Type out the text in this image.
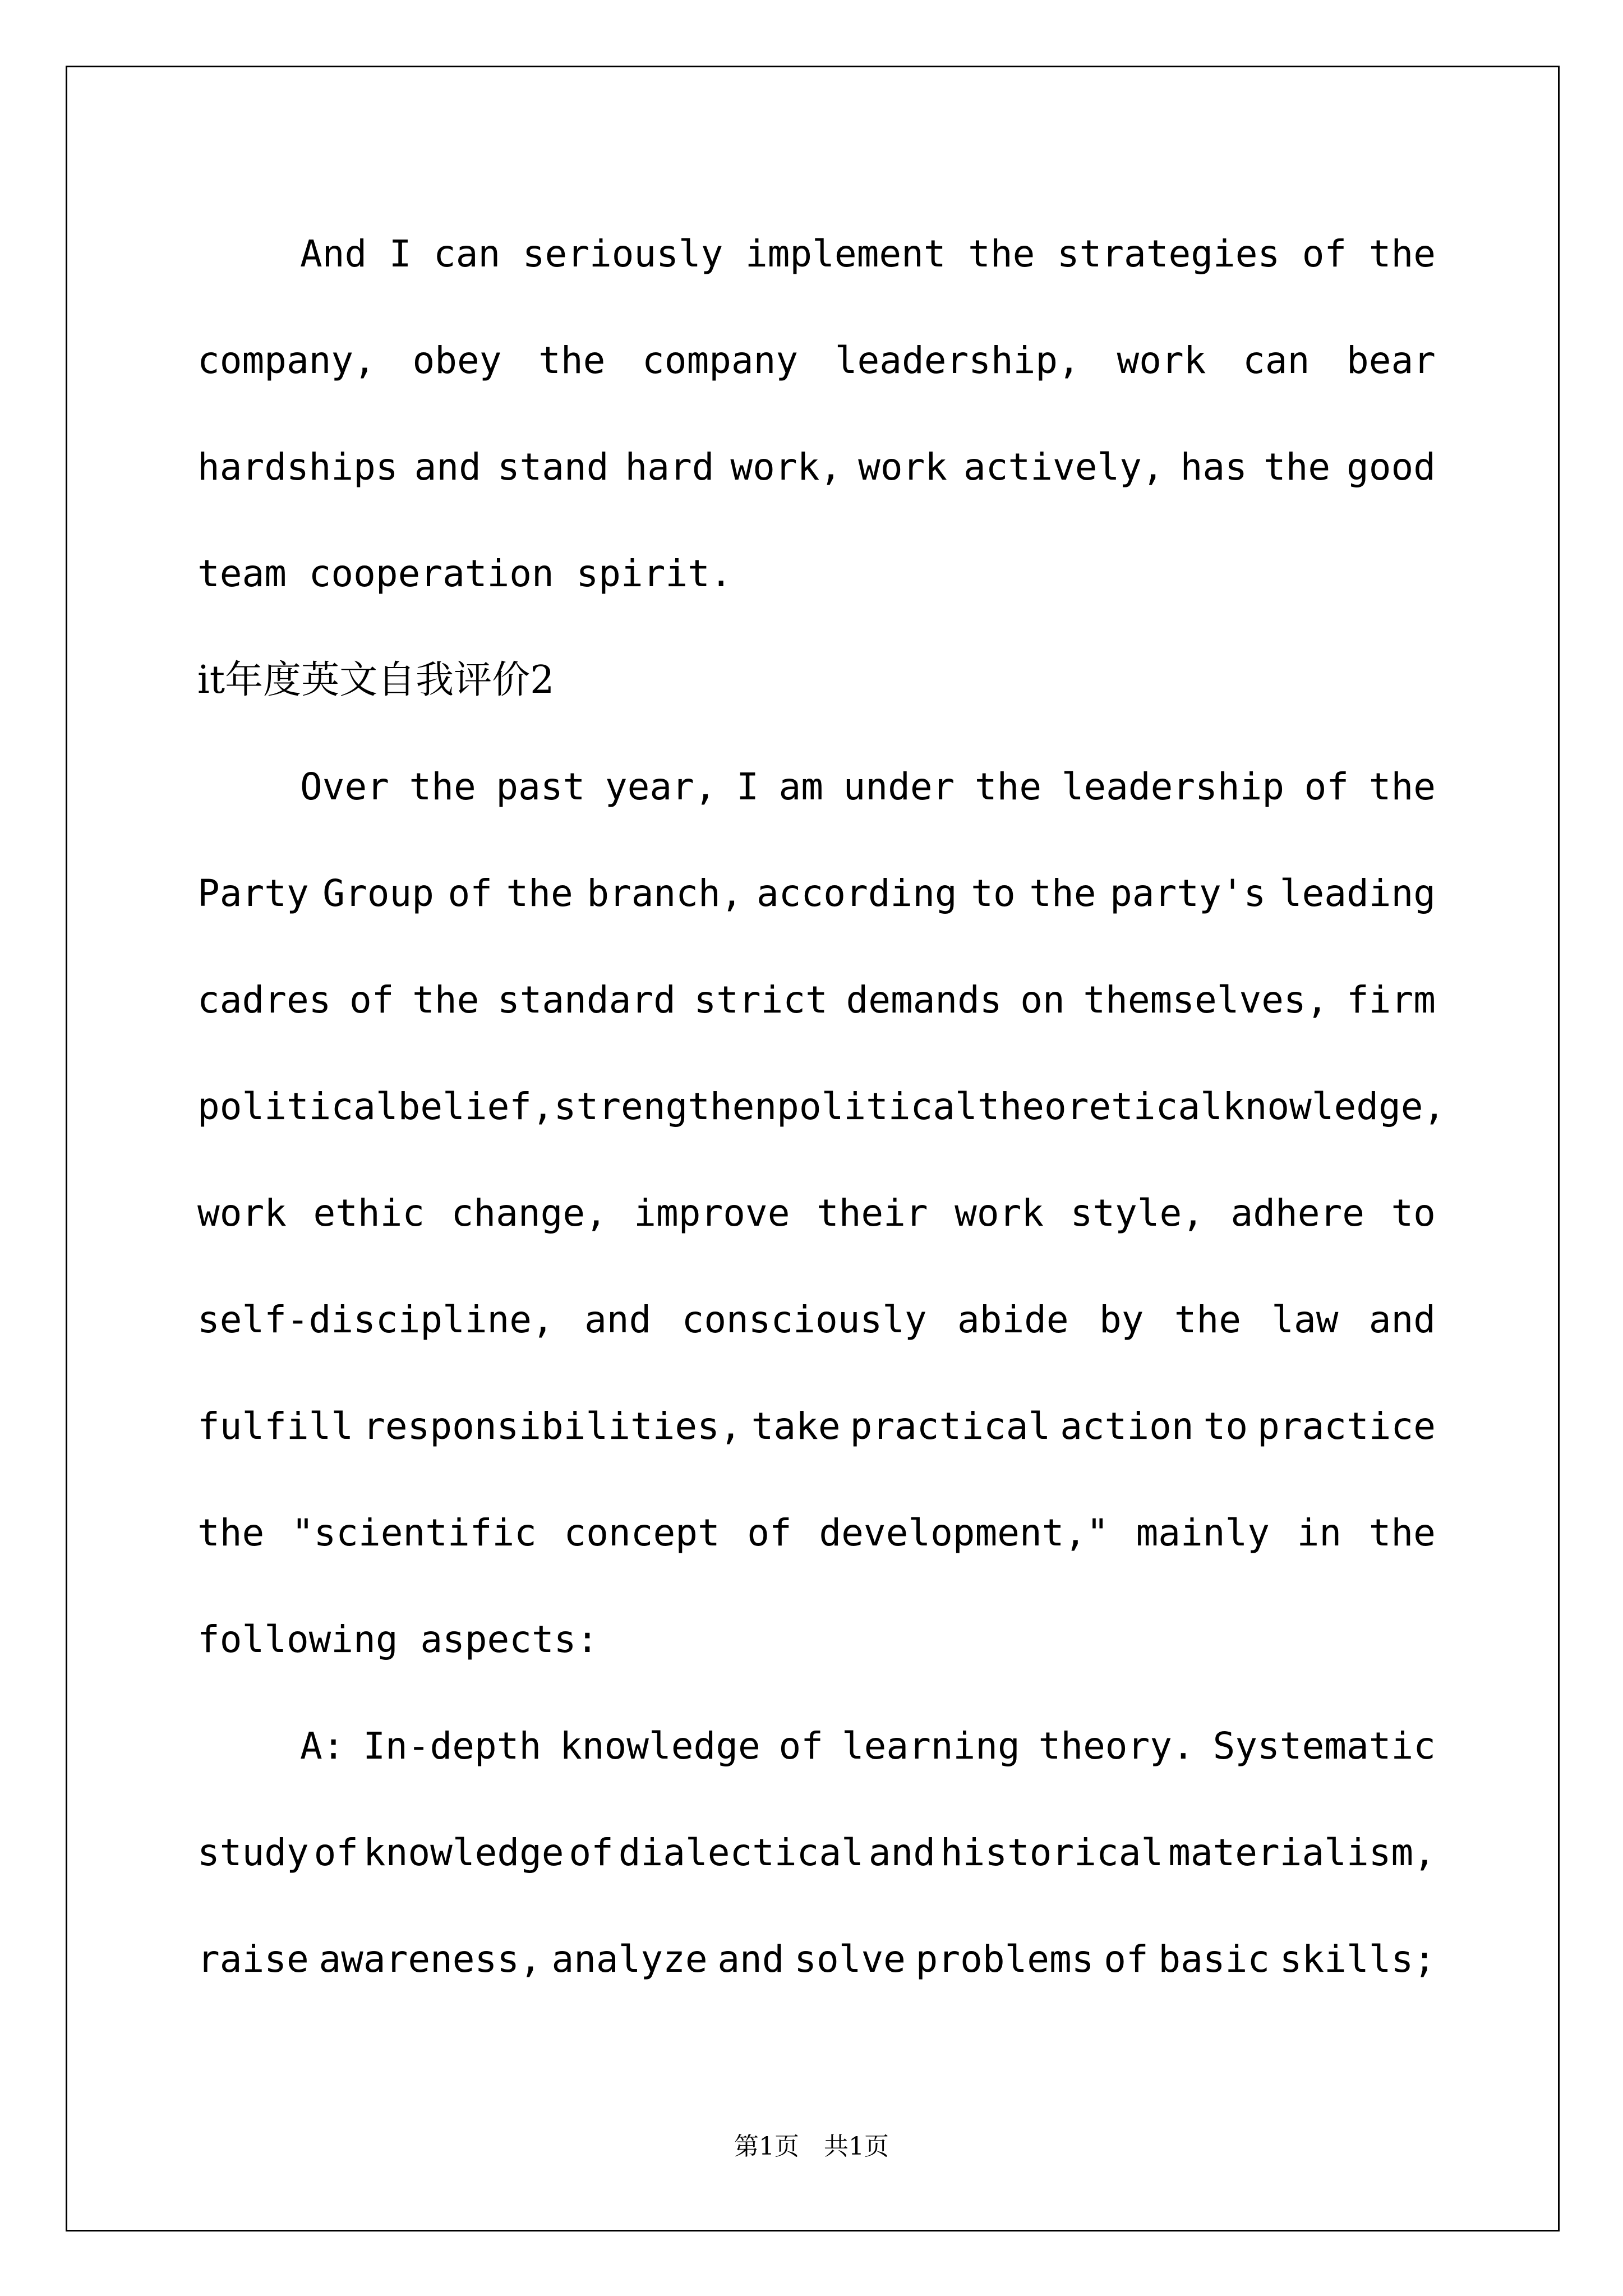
And I can seriously implement the strategies of the
company, obey the company leadership, work can bear
hardships and stand hard work, work actively, has the good
team cooperation spirit.
it年度英文自我评价2
Over the past year, I am under the leadership of the
Party Group of the branch, according to the party's leading
cadres of the standard strict demands on themselves, firm
political belief, strengthen political theoretical knowledge,
work ethic change, improve their work style, adhere to
self-discipline, and consciously abide by the law and
fulfill responsibilities, take practical action to practice
the "scientific concept of development," mainly in the
following aspects:
A: In-depth knowledge of learning theory. Systematic
study of knowledge of dialectical and historical materialism,
raise awareness, analyze and solve problems of basic skills;
第1页　共1页
